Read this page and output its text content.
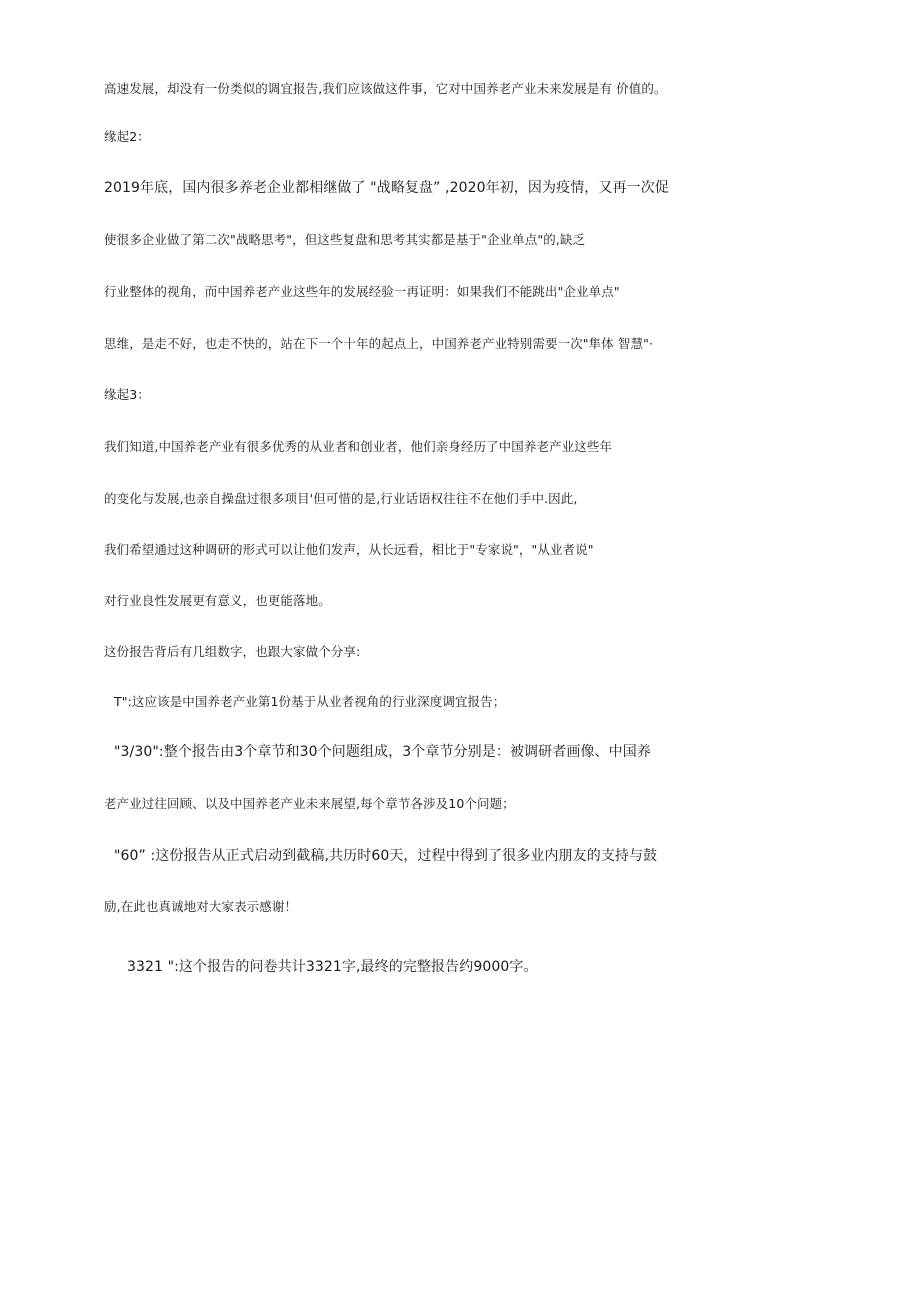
高速发展，却没有一份类似的调宜报告,我们应该做这件事，它对中国养老产业未来发展是有 价值的。
缘起2：
2019年底，国内很多养老企业都相继做了 "战略复盘” ,2020年初，因为疫情，又再一次促
使很多企业做了第二次"战略思考"，但这些复盘和思考其实都是基于"企业单点"的,缺乏
行业整体的视角，而中国养老产业这些年的发展经验一再证明：如果我们不能跳出"企业单点"
思维，是走不好，也走不快的，站在下一个十年的起点上，中国养老产业特别需要一次"隼体 智慧"·
缘起3：
我们知道,中国养老产业有很多优秀的从业者和创业者，他们亲身经历了中国养老产业这些年
的变化与发展,也亲自操盘过很多项目'但可惜的是,行业话语权往往不在他们手中.因此,
我们希望通过这种调研的形式可以让他们发声，从长远看，相比于"专家说"，"从业者说"
对行业良性发展更有意义，也更能落地。
这份报告背后有几组数字，也跟大家做个分享:
T":这应该是中国养老产业第1份基于从业者视角的行业深度调宜报告；
"3/30":整个报告由3个章节和30个问题组成，3个章节分别是：被调研者画像、中国养
老产业过往回顾、以及中国养老产业未来展望,每个章节各涉及10个问题；
"60” :这份报告从正式启动到截稿,共历时60天，过程中得到了很多业内朋友的支持与鼓
励,在此也真诚地对大家表示感谢！
3321 ":这个报告的问卷共计3321字,最终的完整报告约9000字。
